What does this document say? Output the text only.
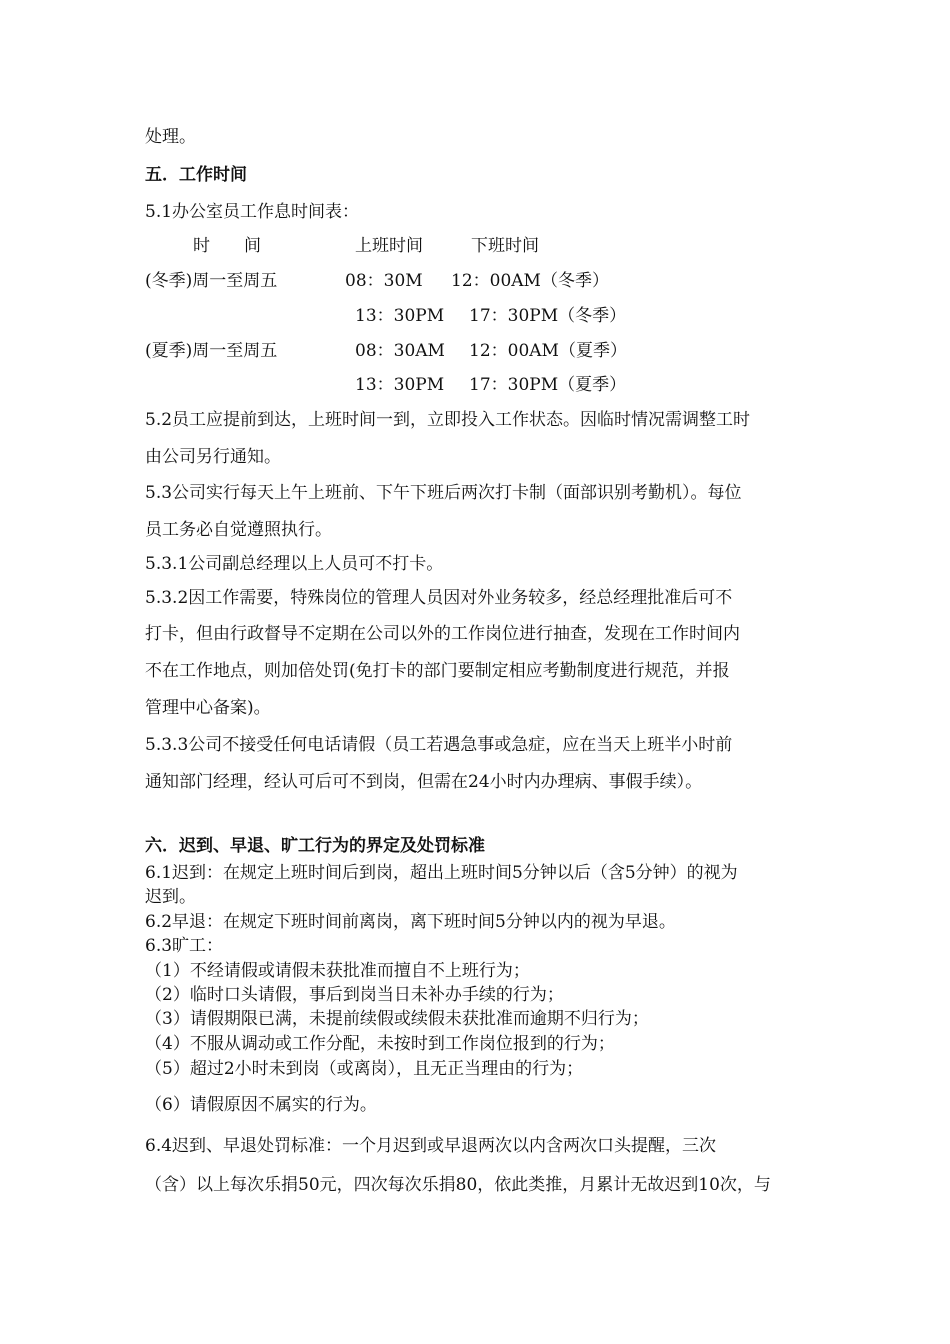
处理。
五．工作时间
5.1办公室员工作息时间表：
时　　间	上班时间	下班时间
(冬季)周一至周五	08：30M 12：00AM（冬季）
13：30PM 17：30PM（冬季）
(夏季)周一至周五	08：30AM 12：00AM（夏季）
13：30PM 17：30PM（夏季）
5.2员工应提前到达，上班时间一到，立即投入工作状态。因临时情况需调整工时
由公司另行通知。
5.3公司实行每天上午上班前、下午下班后两次打卡制（面部识别考勤机）。每位
员工务必自觉遵照执行。
5.3.1公司副总经理以上人员可不打卡。
5.3.2因工作需要，特殊岗位的管理人员因对外业务较多，经总经理批准后可不
打卡，但由行政督导不定期在公司以外的工作岗位进行抽查，发现在工作时间内
不在工作地点，则加倍处罚(免打卡的部门要制定相应考勤制度进行规范，并报
管理中心备案)。
5.3.3公司不接受任何电话请假（员工若遇急事或急症，应在当天上班半小时前
通知部门经理，经认可后可不到岗，但需在24小时内办理病、事假手续）。
六．迟到、早退、旷工行为的界定及处罚标准
6.1迟到：在规定上班时间后到岗，超出上班时间5分钟以后（含5分钟）的视为
迟到。
6.2早退：在规定下班时间前离岗，离下班时间5分钟以内的视为早退。
6.3旷工：
（1）不经请假或请假未获批准而擅自不上班行为；
（2）临时口头请假，事后到岗当日未补办手续的行为；
（3）请假期限已满，未提前续假或续假未获批准而逾期不归行为；
（4）不服从调动或工作分配，未按时到工作岗位报到的行为；
（5）超过2小时未到岗（或离岗），且无正当理由的行为；
（6）请假原因不属实的行为。
6.4迟到、早退处罚标准：一个月迟到或早退两次以内含两次口头提醒，三次
（含）以上每次乐捐50元，四次每次乐捐80，依此类推，月累计无故迟到10次，与
